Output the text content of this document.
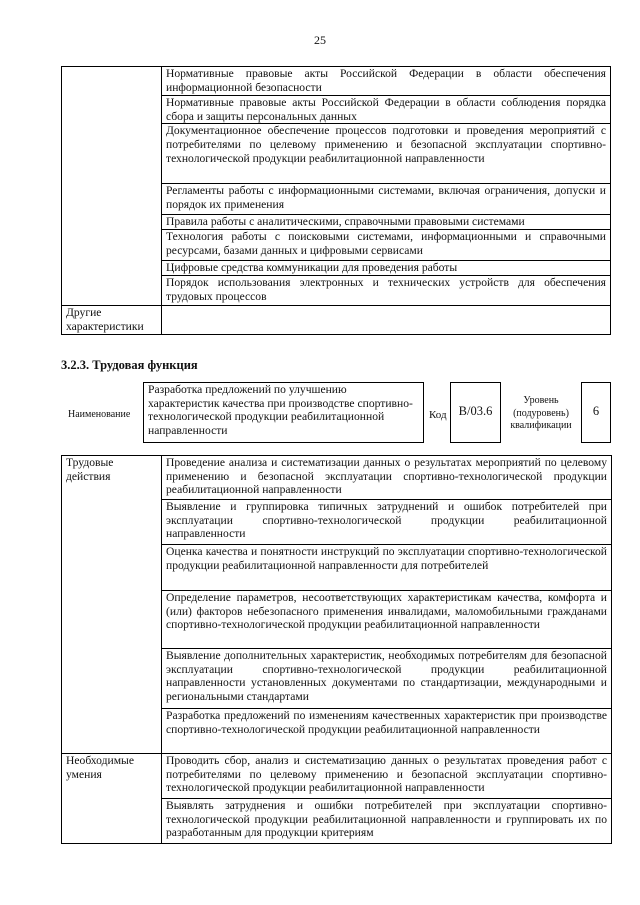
25
	Нормативные правовые акты Российской Федерации в области обеспечения информационной безопасности
	Нормативные правовые акты Российской Федерации в области соблюдения порядка сбора и защиты персональных данных
	Документационное обеспечение процессов подготовки и проведения мероприятий с потребителями по целевому применению и безопасной эксплуатации спортивно-технологической продукции реабилитационной направленности
	Регламенты работы с информационными системами, включая ограничения, допуски и порядок их применения
	Правила работы с аналитическими, справочными правовыми системами
	Технология работы с поисковыми системами, информационными и справочными ресурсами, базами данных и цифровыми сервисами
	Цифровые средства коммуникации для проведения работы
	Порядок использования электронных и технических устройств для обеспечения трудовых процессов
Другие характеристики	
3.2.3. Трудовая функция
Наименование
Разработка предложений по улучшению характеристик качества при производстве спортивно-технологической продукции реабилитационной направленности
Код B/03.6
Уровень (подуровень) квалификации
6
Трудовые действия	Проведение анализа и систематизации данных о результатах мероприятий по целевому применению и безопасной эксплуатации спортивно-технологической продукции реабилитационной направленности
	Выявление и группировка типичных затруднений и ошибок потребителей при эксплуатации спортивно-технологической продукции реабилитационной направленности
	Оценка качества и понятности инструкций по эксплуатации спортивно-технологической продукции реабилитационной направленности для потребителей
	Определение параметров, несоответствующих характеристикам качества, комфорта и (или) факторов небезопасного применения инвалидами, маломобильными гражданами спортивно-технологической продукции реабилитационной направленности
	Выявление дополнительных характеристик, необходимых потребителям для безопасной эксплуатации спортивно-технологической продукции реабилитационной направленности установленных документами по стандартизации, международными и региональными стандартами
	Разработка предложений по изменениям качественных характеристик при производстве спортивно-технологической продукции реабилитационной направленности
Необходимые умения	Проводить сбор, анализ и систематизацию данных о результатах проведения работ с потребителями по целевому применению и безопасной эксплуатации спортивно-технологической продукции реабилитационной направленности
	Выявлять затруднения и ошибки потребителей при эксплуатации спортивно-технологической продукции реабилитационной направленности и группировать их по разработанным для продукции критериям
